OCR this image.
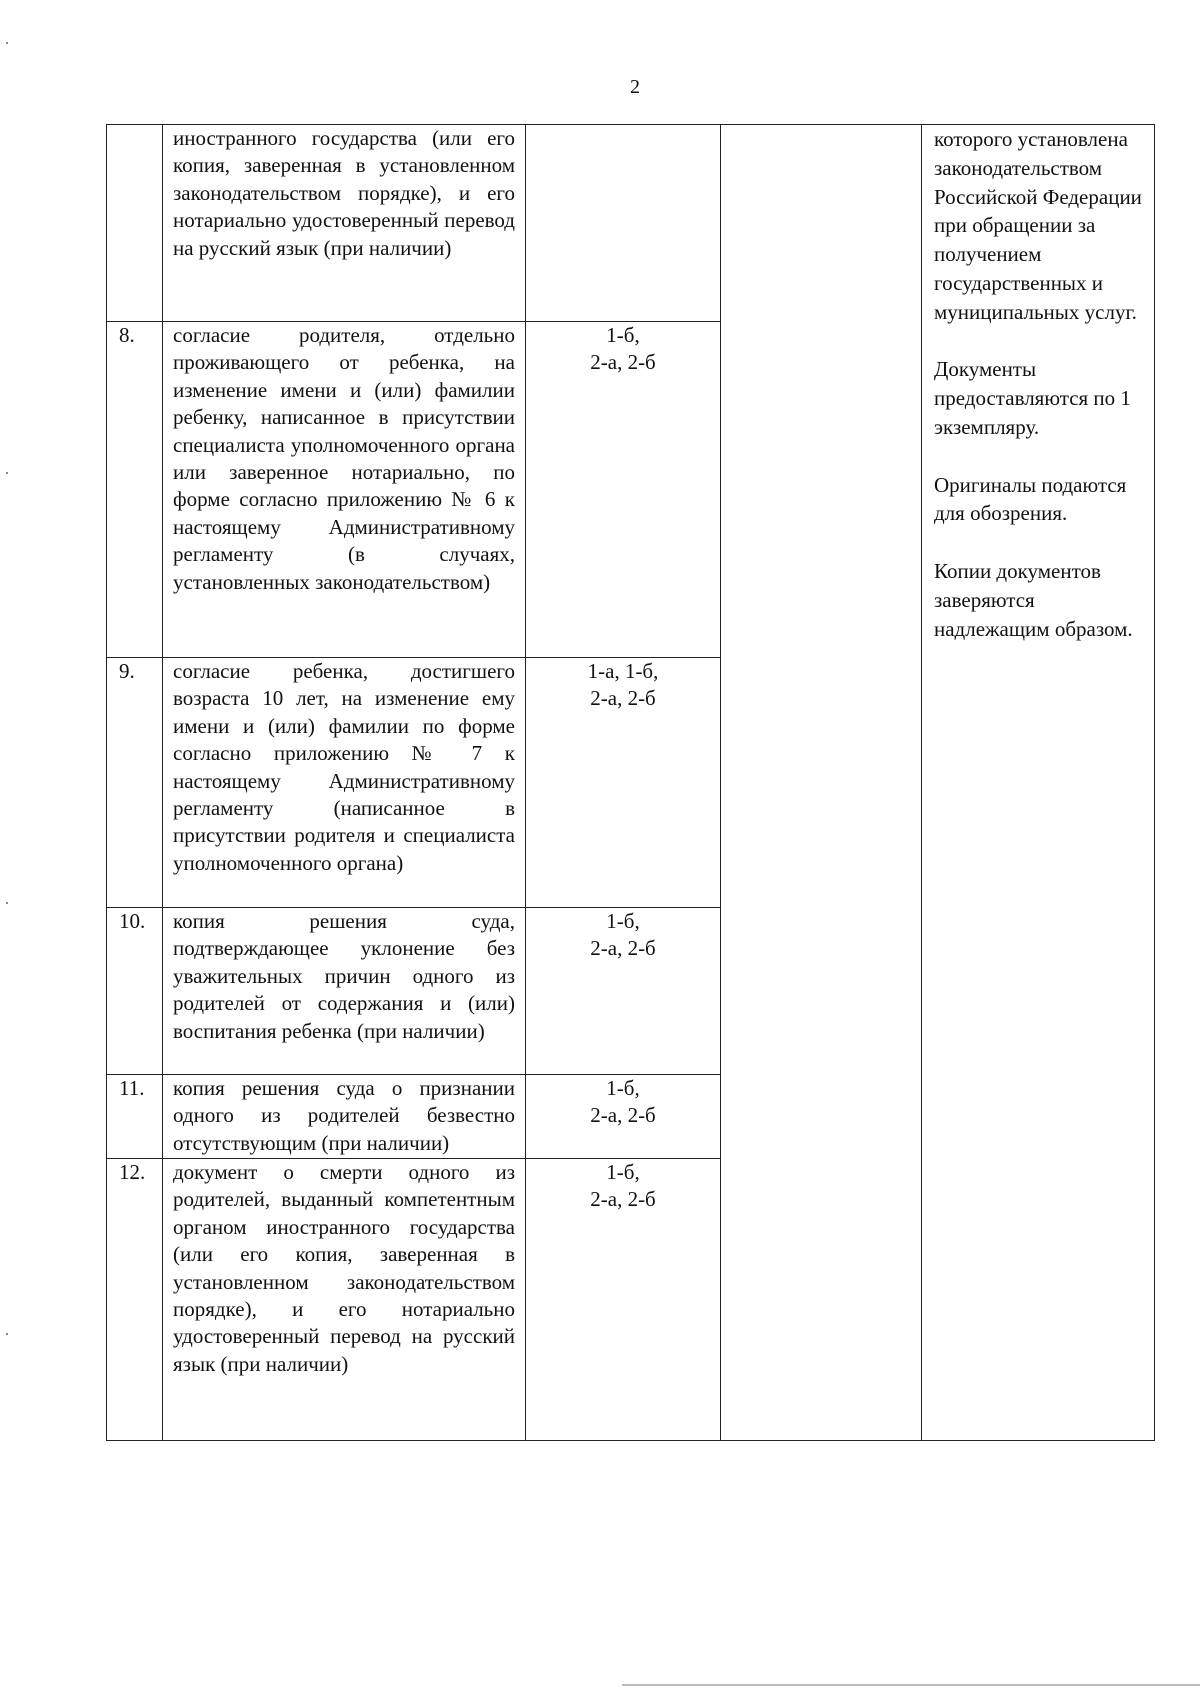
2
	иностранного государства (или его копия, заверенная в установленном законодательством порядке), и его нотариально удостоверенный перевод на русский язык (при наличии)			которого установлена законодательством Российской Федерации при обращении за получением государственных и муниципальных услуг.
Документы предоставляются по 1 экземпляру.
Оригиналы подаются для обозрения.
Копии документов заверяются надлежащим образом.

8.	согласие родителя, отдельно проживающего от ребенка, на изменение имени и (или) фамилии ребенку, написанное в присутствии специалиста уполномоченного органа или заверенное нотариально, по форме согласно приложению № 6 к настоящему Административному регламенту (в случаях, установленных законодательством)	1-б,
2-а, 2-б		

9.	согласие ребенка, достигшего возраста 10 лет, на изменение ему имени и (или) фамилии по форме согласно приложению № 7 к настоящему Административному регламенту (написанное в присутствии родителя и специалиста уполномоченного органа)	1-а, 1-б,
2-а, 2-б		

10.	копия решения суда, подтверждающее уклонение без уважительных причин одного из родителей от содержания и (или) воспитания ребенка (при наличии)	1-б,
2-а, 2-б		

11.	копия решения суда о признании одного из родителей безвестно отсутствующим (при наличии)	1-б,
2-а, 2-б		

12.	документ о смерти одного из родителей, выданный компетентным органом иностранного государства (или его копия, заверенная в установленном законодательством порядке), и его нотариально удостоверенный перевод на русский язык (при наличии)	1-б,
2-а, 2-б		
